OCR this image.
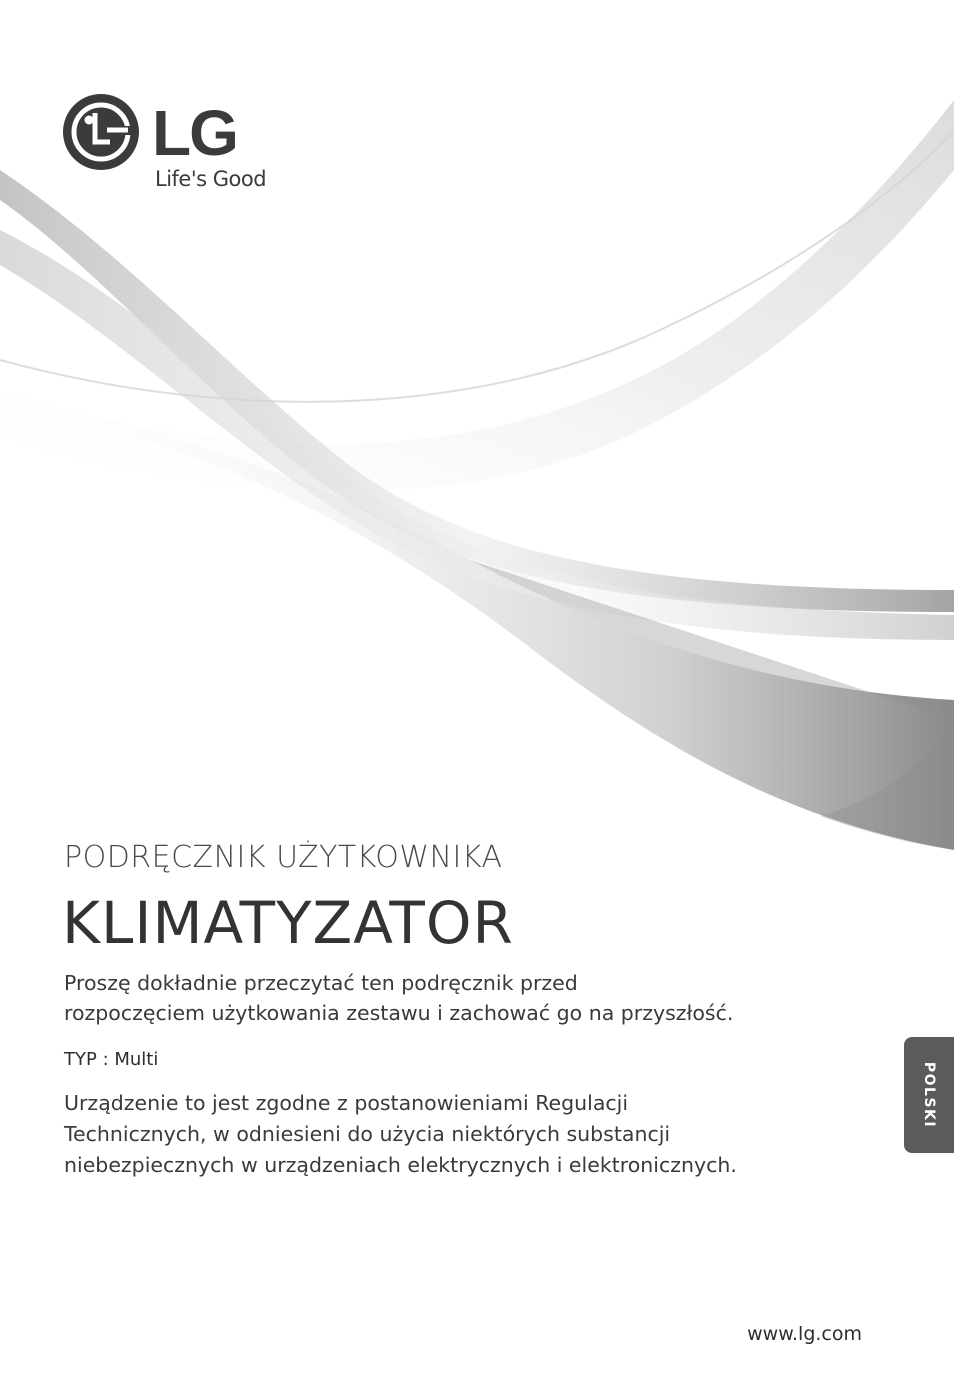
LG
Life's Good
PODRĘCZNIK UŻYTKOWNIKA
KLIMATYZATOR
Proszę dokładnie przeczytać ten podręcznik przed
rozpoczęciem użytkowania zestawu i zachować go na przyszłość.
TYP : Multi
Urządzenie to jest zgodne z postanowieniami Regulacji
Technicznych, w odniesieni do użycia niektórych substancji
niebezpiecznych w urządzeniach elektrycznych i elektronicznych.
POLSKI
www.lg.com
